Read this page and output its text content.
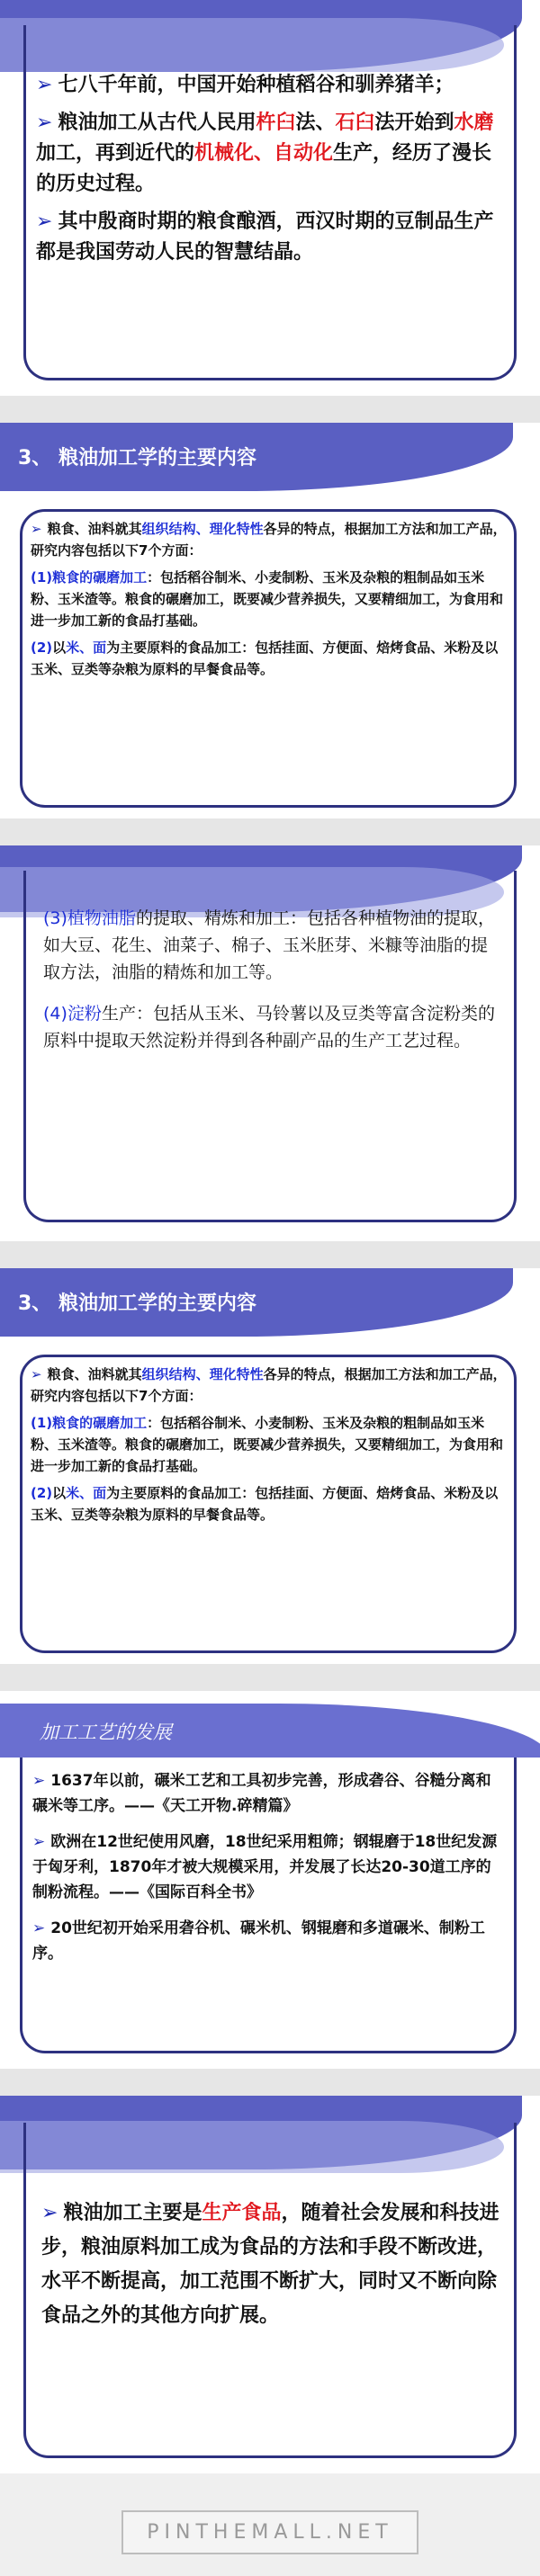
➢ 七八千年前，中国开始种植稻谷和驯养猪羊；
➢ 粮油加工从古代人民用杵臼法、石臼法开始到水磨加工，再到近代的机械化、自动化生产，经历了漫长的历史过程。
➢ 其中殷商时期的粮食酿酒，西汉时期的豆制品生产都是我国劳动人民的智慧结晶。
3、 粮油加工学的主要内容
➢ 粮食、油料就其组织结构、理化特性各异的特点，根据加工方法和加工产品，研究内容包括以下7个方面：
(1)粮食的碾磨加工：包括稻谷制米、小麦制粉、玉米及杂粮的粗制品如玉米粉、玉米渣等。粮食的碾磨加工，既要减少营养损失，又要精细加工，为食用和进一步加工新的食品打基础。
(2)以米、面为主要原料的食品加工：包括挂面、方便面、焙烤食品、米粉及以玉米、豆类等杂粮为原料的早餐食品等。
(3)植物油脂的提取、精炼和加工：包括各种植物油的提取，如大豆、花生、油菜子、棉子、玉米胚芽、米糠等油脂的提取方法，油脂的精炼和加工等。
(4)淀粉生产：包括从玉米、马铃薯以及豆类等富含淀粉类的原料中提取天然淀粉并得到各种副产品的生产工艺过程。
3、 粮油加工学的主要内容
➢ 粮食、油料就其组织结构、理化特性各异的特点，根据加工方法和加工产品，研究内容包括以下7个方面：
(1)粮食的碾磨加工：包括稻谷制米、小麦制粉、玉米及杂粮的粗制品如玉米粉、玉米渣等。粮食的碾磨加工，既要减少营养损失，又要精细加工，为食用和进一步加工新的食品打基础。
(2)以米、面为主要原料的食品加工：包括挂面、方便面、焙烤食品、米粉及以玉米、豆类等杂粮为原料的早餐食品等。
加工工艺的发展
➢ 1637年以前，碾米工艺和工具初步完善，形成砻谷、谷糙分离和碾米等工序。——《天工开物.碎精篇》
➢ 欧洲在12世纪使用风磨，18世纪采用粗筛；钢辊磨于18世纪发源于匈牙利，1870年才被大规模采用，并发展了长达20-30道工序的制粉流程。——《国际百科全书》
➢ 20世纪初开始采用砻谷机、碾米机、钢辊磨和多道碾米、制粉工序。
➢ 粮油加工主要是生产食品，随着社会发展和科技进步，粮油原料加工成为食品的方法和手段不断改进，水平不断提高，加工范围不断扩大，同时又不断向除食品之外的其他方向扩展。
PINTHEMALL.NET
